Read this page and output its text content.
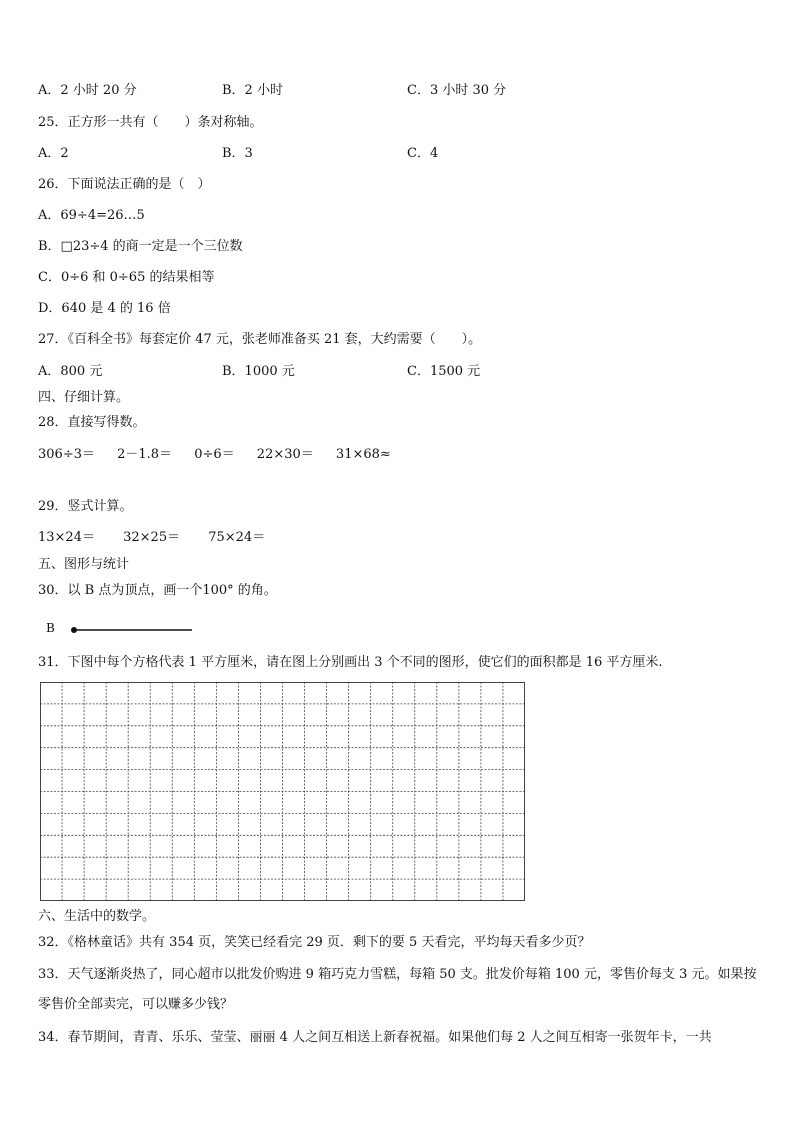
A．2 小时 20 分	B．2 小时	C．3 小时 30 分
25．正方形一共有（　　）条对称轴。
A．2	B．3	C．4
26．下面说法正确的是（　）
A．69÷4=26…5
B．□23÷4 的商一定是一个三位数
C．0÷6 和 0÷65 的结果相等
D．640 是 4 的 16 倍
27．《百科全书》每套定价 47 元，张老师准备买 21 套，大约需要（　　）。
A．800 元	B．1000 元	C．1500 元
四、仔细计算。
28．直接写得数。
306÷3＝ 2－1.8＝ 0÷6＝ 22×30＝ 31×68≈
29．竖式计算。
13×24＝ 32×25＝ 75×24＝
五、图形与统计
30．以 B 点为顶点，画一个100° 的角。
B
31．下图中每个方格代表 1 平方厘米，请在图上分别画出 3 个不同的图形，使它们的面积都是 16 平方厘米.
六、生活中的数学。
32．《格林童话》共有 354 页，笑笑已经看完 29 页．剩下的要 5 天看完，平均每天看多少页？
33．天气逐渐炎热了，同心超市以批发价购进 9 箱巧克力雪糕，每箱 50 支。批发价每箱 100 元，零售价每支 3 元。如果按零售价全部卖完，可以赚多少钱？
34．春节期间，青青、乐乐、莹莹、丽丽 4 人之间互相送上新春祝福。如果他们每 2 人之间互相寄一张贺年卡，一共
